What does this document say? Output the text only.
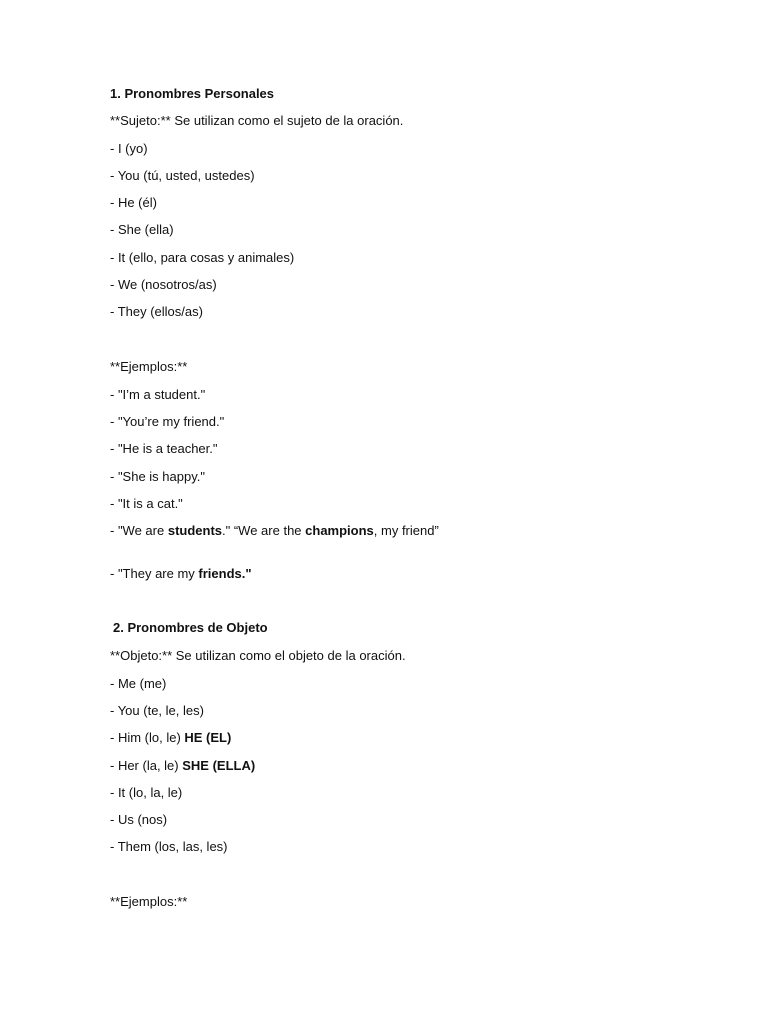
1. Pronombres Personales
**Sujeto:** Se utilizan como el sujeto de la oración.
- I (yo)
- You (tú, usted, ustedes)
- He (él)
- She (ella)
- It (ello, para cosas y animales)
- We (nosotros/as)
- They (ellos/as)
**Ejemplos:**
- "I’m a student."
- "You’re my friend."
- "He is a teacher."
- "She is happy."
- "It is a cat."
- "We are students." “We are the champions, my friend”
- "They are my friends."
2. Pronombres de Objeto
**Objeto:** Se utilizan como el objeto de la oración.
- Me (me)
- You (te, le, les)
- Him (lo, le) HE (EL)
- Her (la, le) SHE (ELLA)
- It (lo, la, le)
- Us (nos)
- Them (los, las, les)
**Ejemplos:**
